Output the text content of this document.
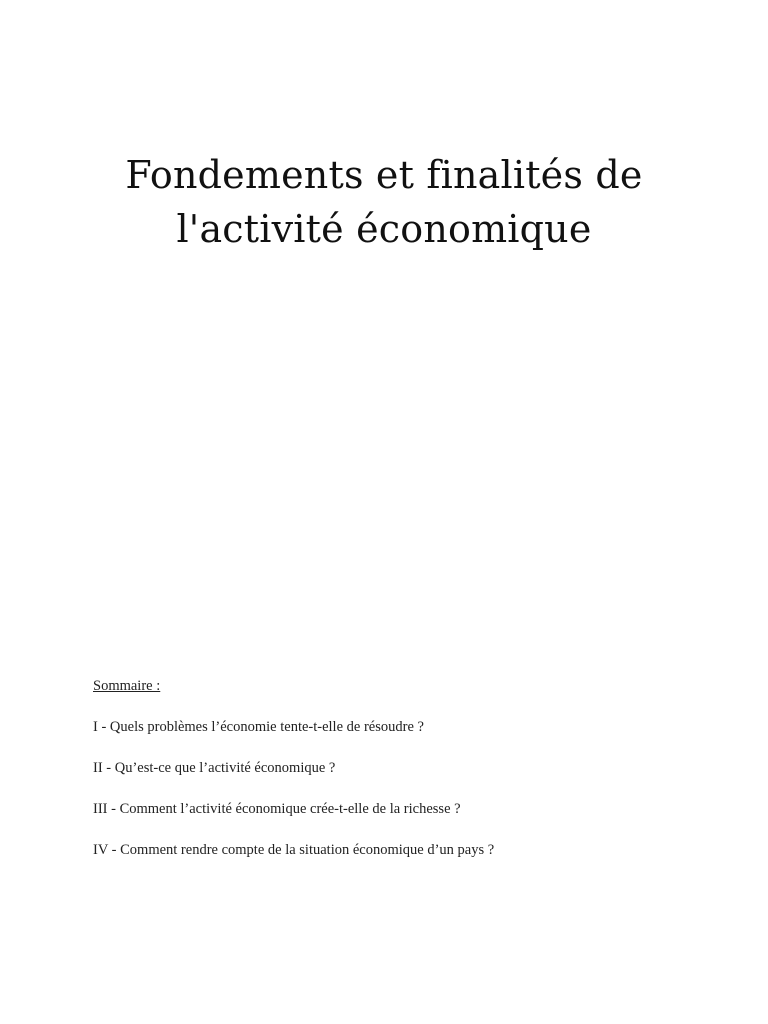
Fondements et finalités de
l'activité économique
Sommaire :
I - Quels problèmes l’économie tente-t-elle de résoudre ?
II - Qu’est-ce que l’activité économique ?
III - Comment l’activité économique crée-t-elle de la richesse ?
IV - Comment rendre compte de la situation économique d’un pays ?
